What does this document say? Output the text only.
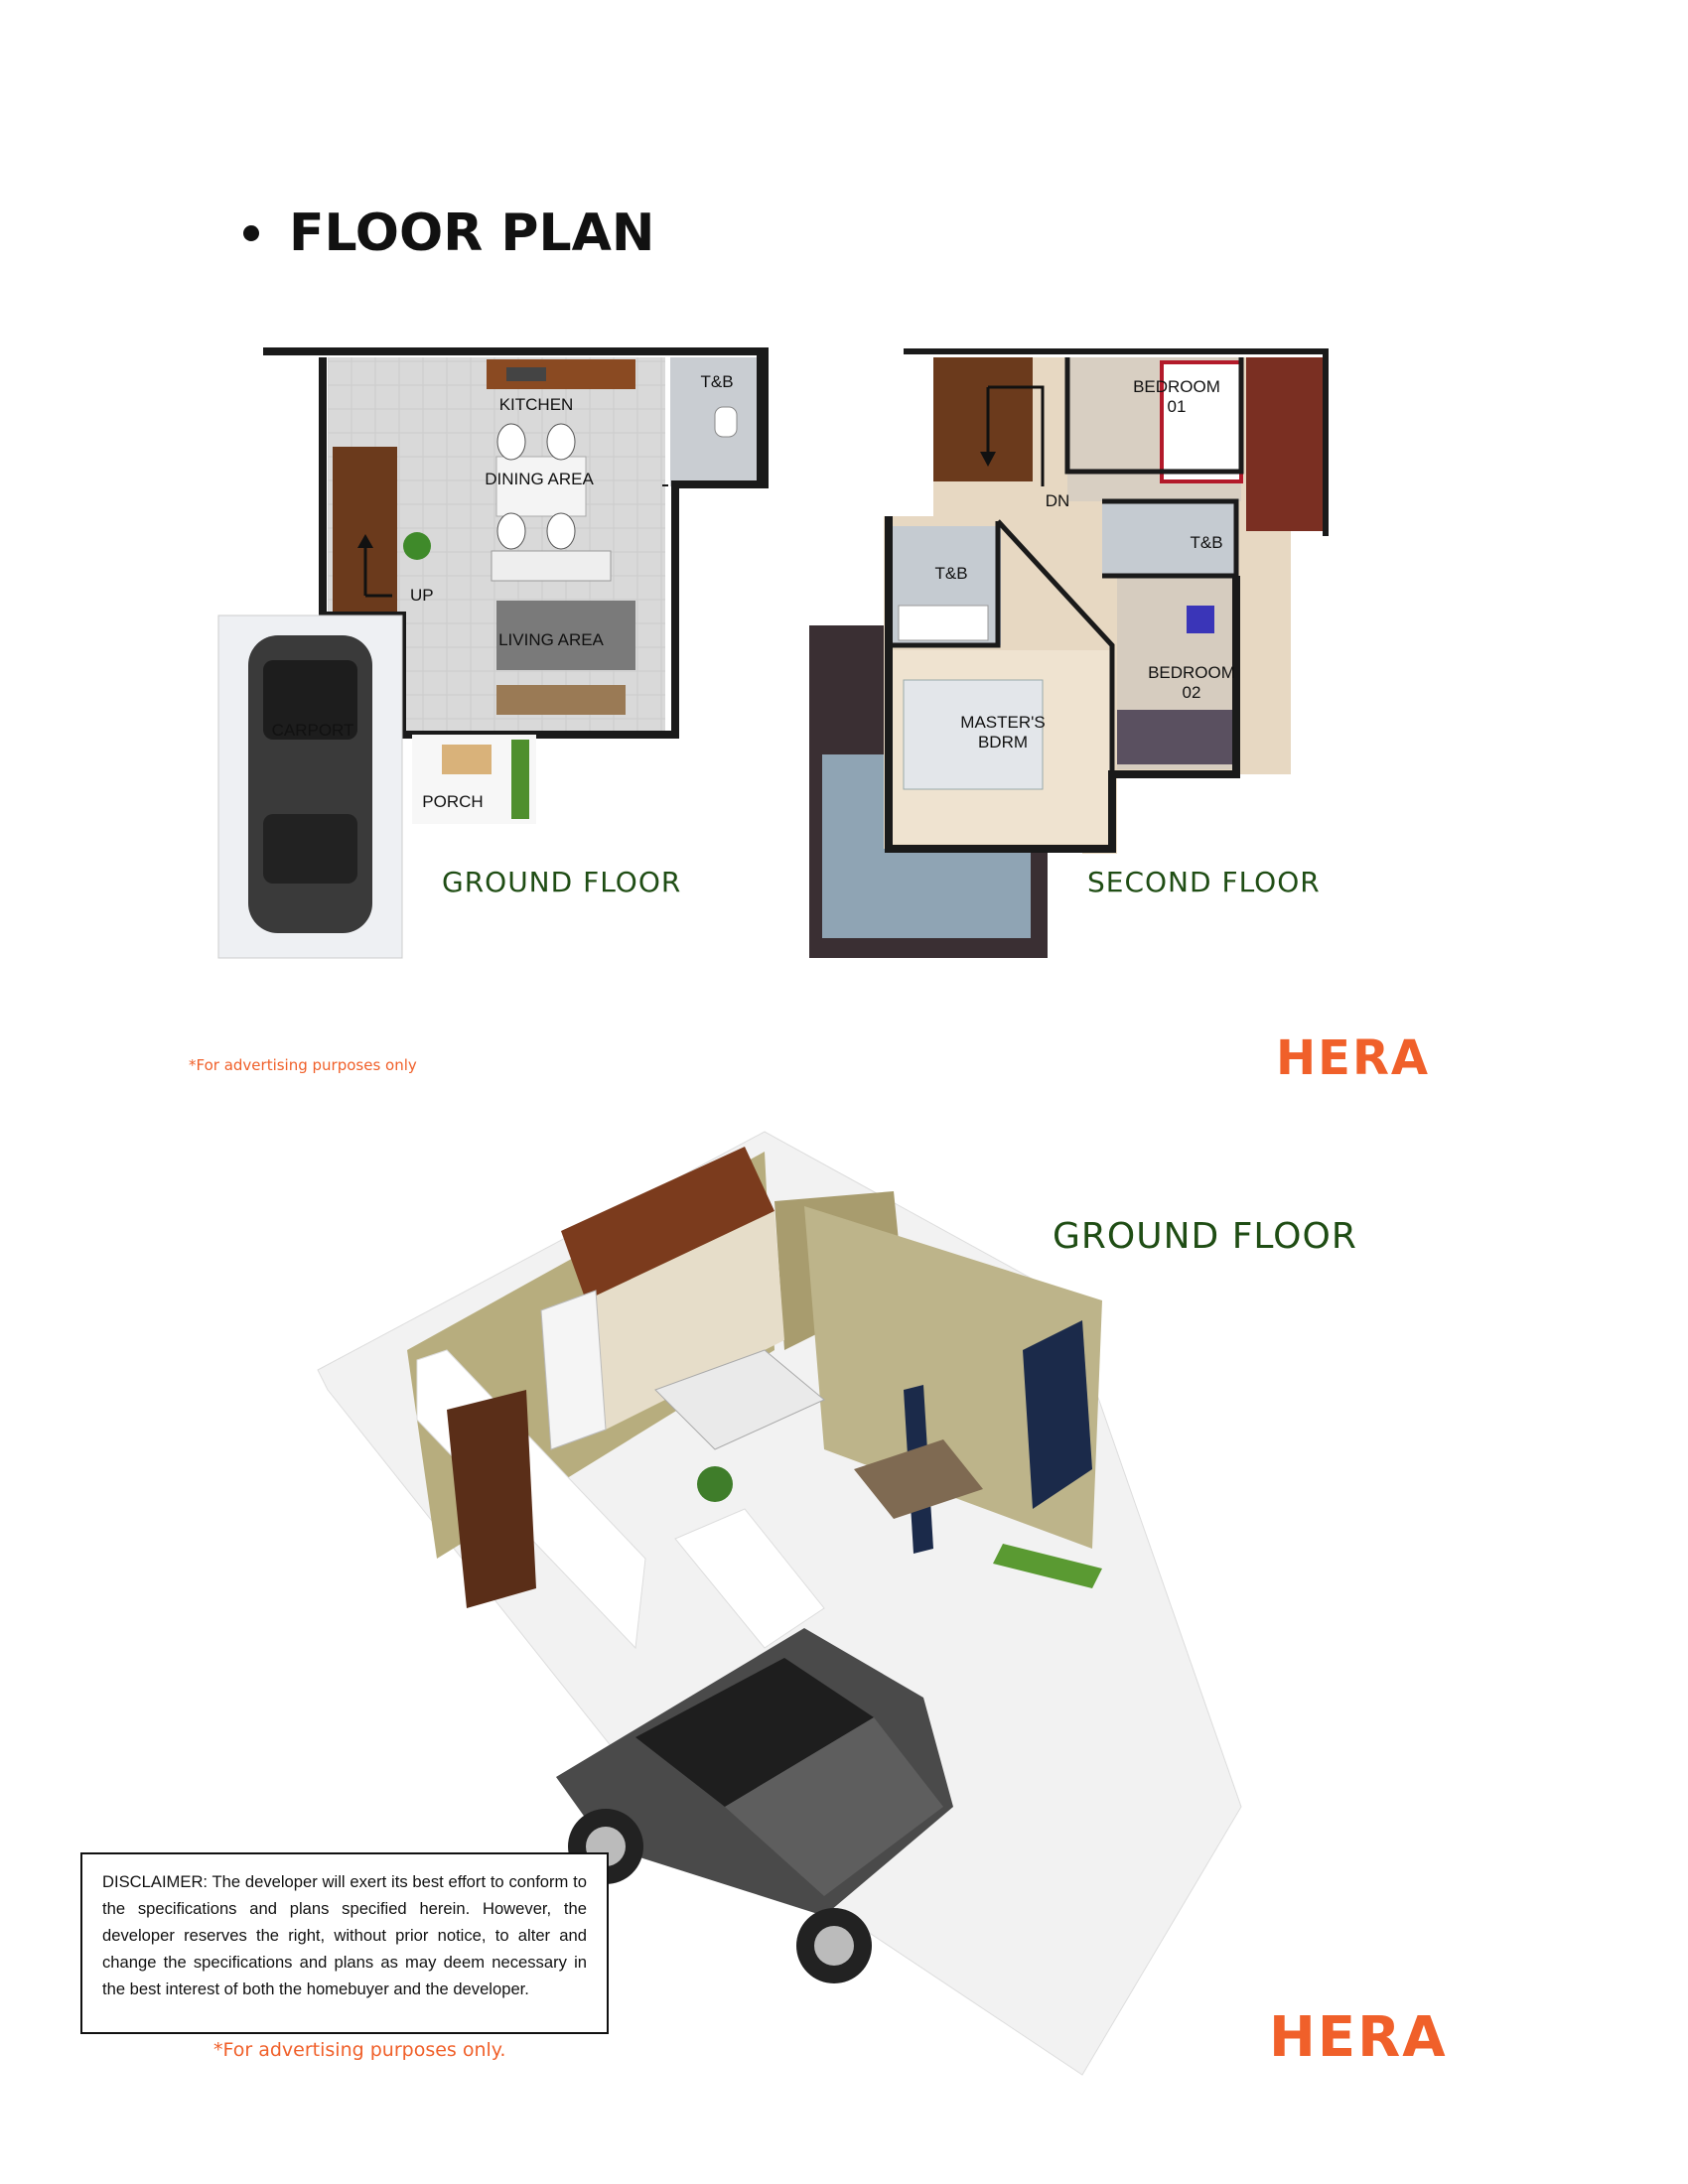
FLOOR PLAN
KITCHEN
T&B
DINING AREA
UP
LIVING AREA
CARPORT
PORCH
BEDROOM
01
DN
T&B
T&B
MASTER'S
BDRM
BEDROOM
02
GROUND FLOOR	SECOND FLOOR
*For advertising purposes only	HERA
GROUND FLOOR
DISCLAIMER: The developer will exert its best effort to conform to the specifications and plans specified herein. However, the developer reserves the right, without prior notice, to alter and change the specifications and plans as may deem necessary in the best interest of both the homebuyer and the developer.
*For advertising purposes only.	HERA
